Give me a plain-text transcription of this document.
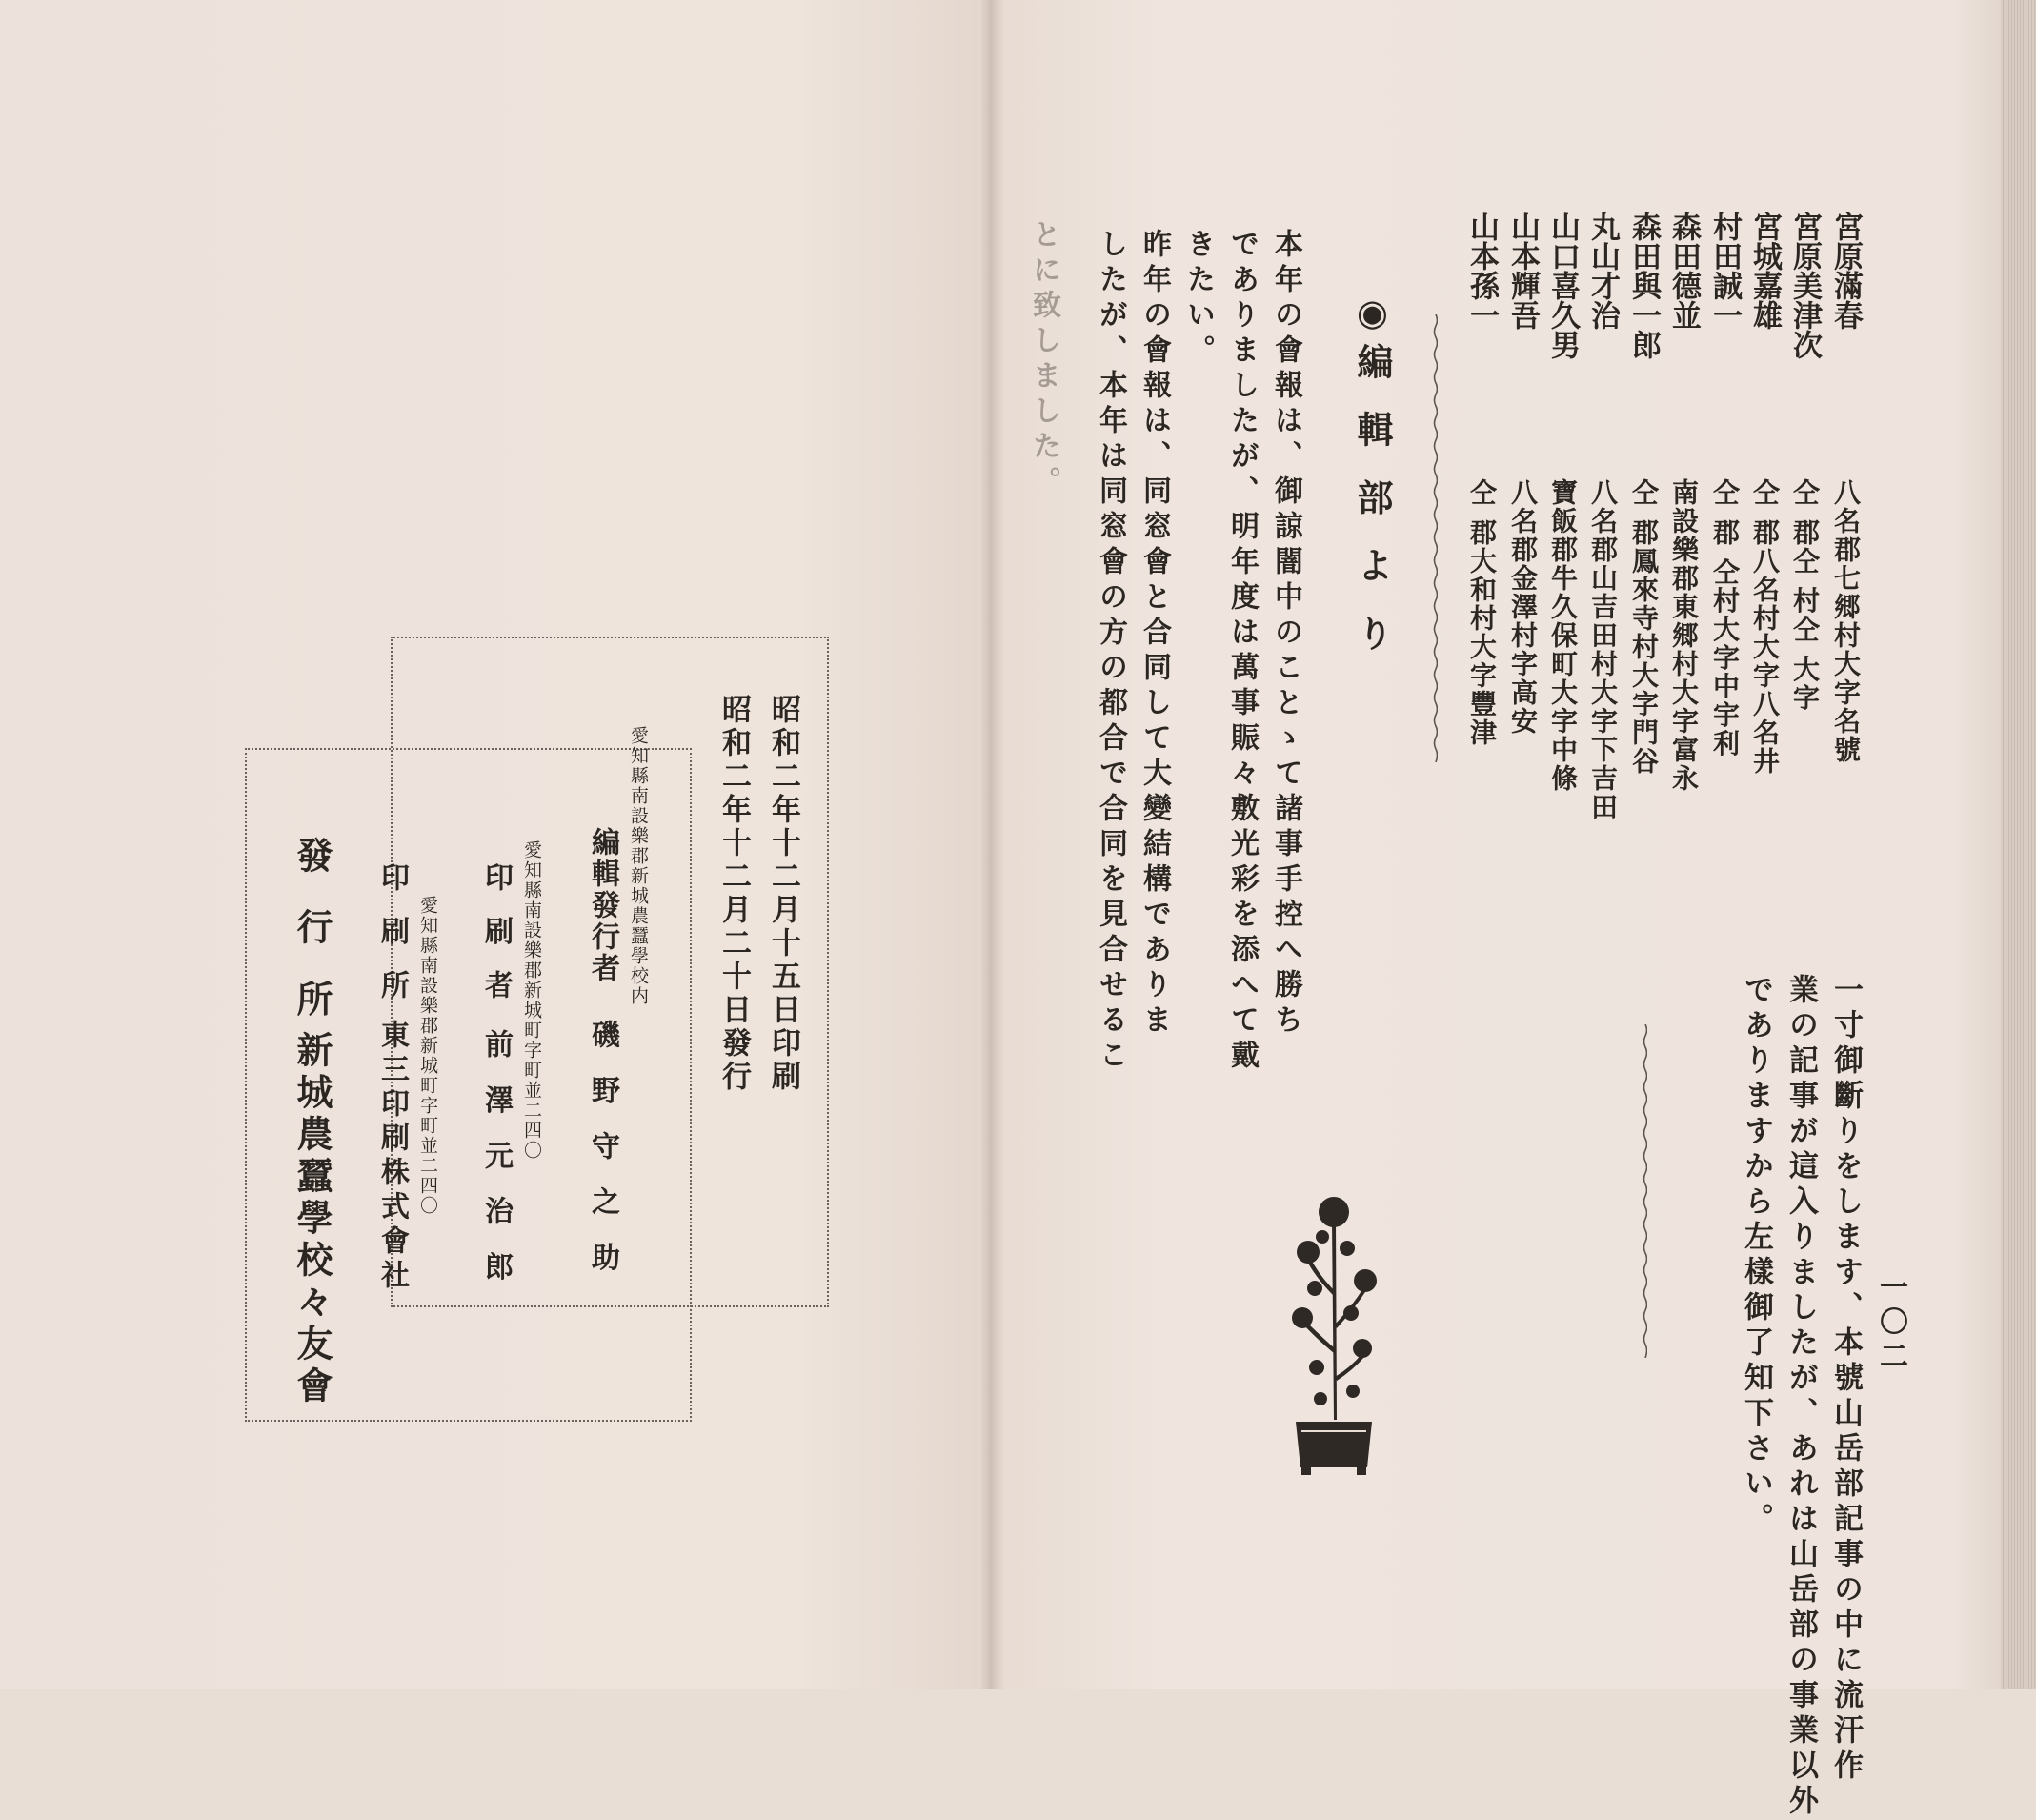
宮原滿春
宮原美津次
宮城嘉雄
村田誠一
森田德並
森田與一郎
丸山才治
山口喜久男
山本輝吾
山本孫一
八名郡七郷村大字名號
仝 郡仝 村仝 大字
仝 郡八名村大字八名井
仝 郡 仝村大字中宇利
南設樂郡東郷村大字富永
仝 郡鳳來寺村大字門谷
八名郡山吉田村大字下吉田
寶飯郡牛久保町大字中條
八名郡金澤村字高安
仝 郡大和村大字豐津
一寸御斷りをします、本號山岳部記事の中に流汗作
業の記事が這入りましたが、あれは山岳部の事業以外
でありますから左樣御了知下さい。	一〇二
◉編 輯 部 よ り
本年の會報は、御諒闇中のことゝて諸事手控へ勝ち
でありましたが、明年度は萬事賑々敷光彩を添へて戴
きたい。
昨年の會報は、同窓會と合同して大變結構でありま
したが、本年は同窓會の方の都合で合同を見合せるこ
とに致しました。
昭和二年十二月十五日印刷
昭和二年十二月二十日發行
愛知縣南設樂郡新城農蠶學校内
編輯發行者
磯 野 守 之 助
愛知縣南設樂郡新城町字町並二四〇
印 刷 者
前 澤 元 治 郎
愛知縣南設樂郡新城町字町並二四〇
印 刷 所
東三印刷株式會社
發 行 所
新城農蠶學校々友會
